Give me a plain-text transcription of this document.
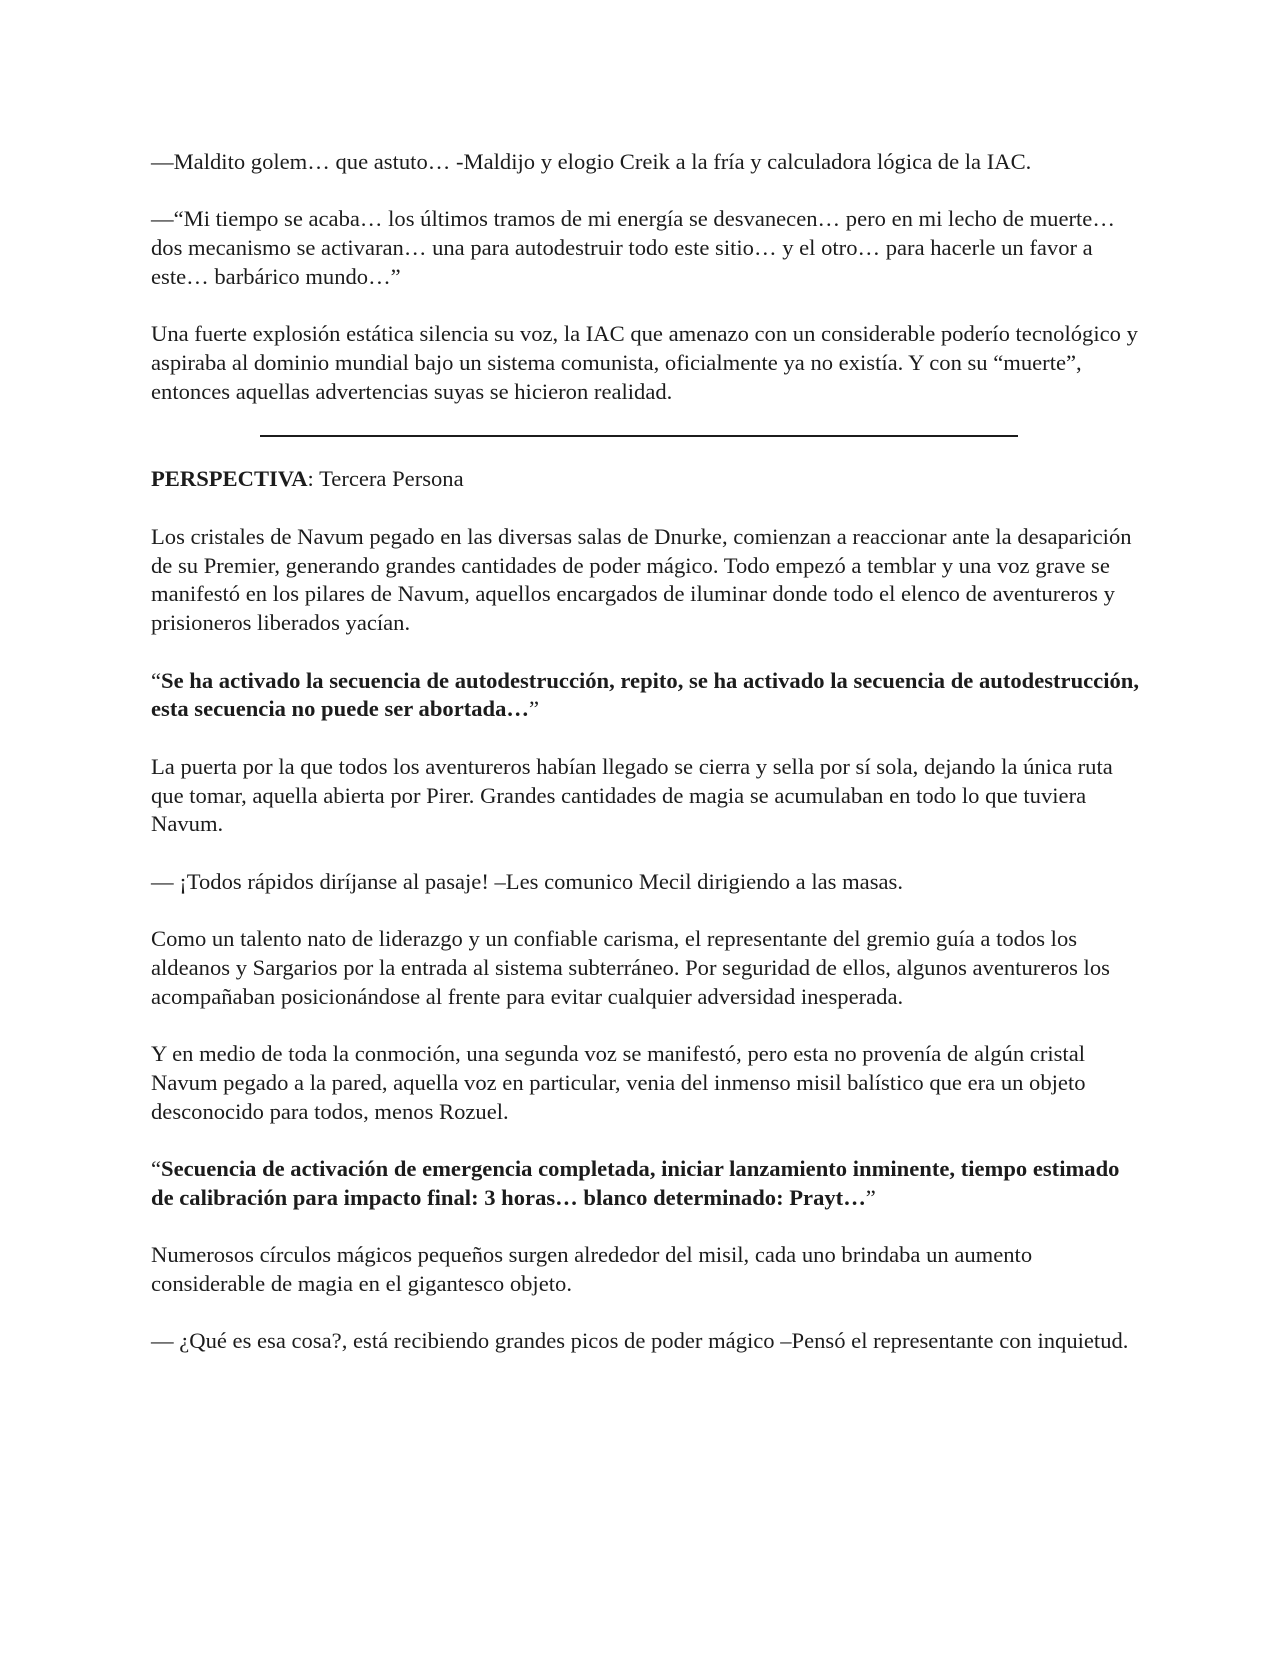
—Maldito golem… que astuto… -Maldijo y elogio Creik a la fría y calculadora lógica de la IAC.

—“Mi tiempo se acaba… los últimos tramos de mi energía se desvanecen… pero en mi lecho de muerte… dos mecanismo se activaran… una para autodestruir todo este sitio… y el otro… para hacerle un favor a este… barbárico mundo…”

Una fuerte explosión estática silencia su voz, la IAC que amenazo con un considerable poderío tecnológico y aspiraba al dominio mundial bajo un sistema comunista, oficialmente ya no existía. Y con su “muerte”, entonces aquellas advertencias suyas se hicieron realidad.

PERSPECTIVA: Tercera Persona

Los cristales de Navum pegado en las diversas salas de Dnurke, comienzan a reaccionar ante la desaparición de su Premier, generando grandes cantidades de poder mágico. Todo empezó a temblar y una voz grave se manifestó en los pilares de Navum, aquellos encargados de iluminar donde todo el elenco de aventureros y prisioneros liberados yacían.

“Se ha activado la secuencia de autodestrucción, repito, se ha activado la secuencia de autodestrucción, esta secuencia no puede ser abortada…”

La puerta por la que todos los aventureros habían llegado se cierra y sella por sí sola, dejando la única ruta que tomar, aquella abierta por Pirer. Grandes cantidades de magia se acumulaban en todo lo que tuviera Navum.

— ¡Todos rápidos diríjanse al pasaje! –Les comunico Mecil dirigiendo a las masas.

Como un talento nato de liderazgo y un confiable carisma, el representante del gremio guía a todos los aldeanos y Sargarios por la entrada al sistema subterráneo. Por seguridad de ellos, algunos aventureros los acompañaban posicionándose al frente para evitar cualquier adversidad inesperada.

Y en medio de toda la conmoción, una segunda voz se manifestó, pero esta no provenía de algún cristal Navum pegado a la pared, aquella voz en particular, venia del inmenso misil balístico que era un objeto desconocido para todos, menos Rozuel.

“Secuencia de activación de emergencia completada, iniciar lanzamiento inminente, tiempo estimado de calibración para impacto final: 3 horas… blanco determinado: Prayt…”

Numerosos círculos mágicos pequeños surgen alrededor del misil, cada uno brindaba un aumento considerable de magia en el gigantesco objeto.

— ¿Qué es esa cosa?, está recibiendo grandes picos de poder mágico –Pensó el representante con inquietud.
